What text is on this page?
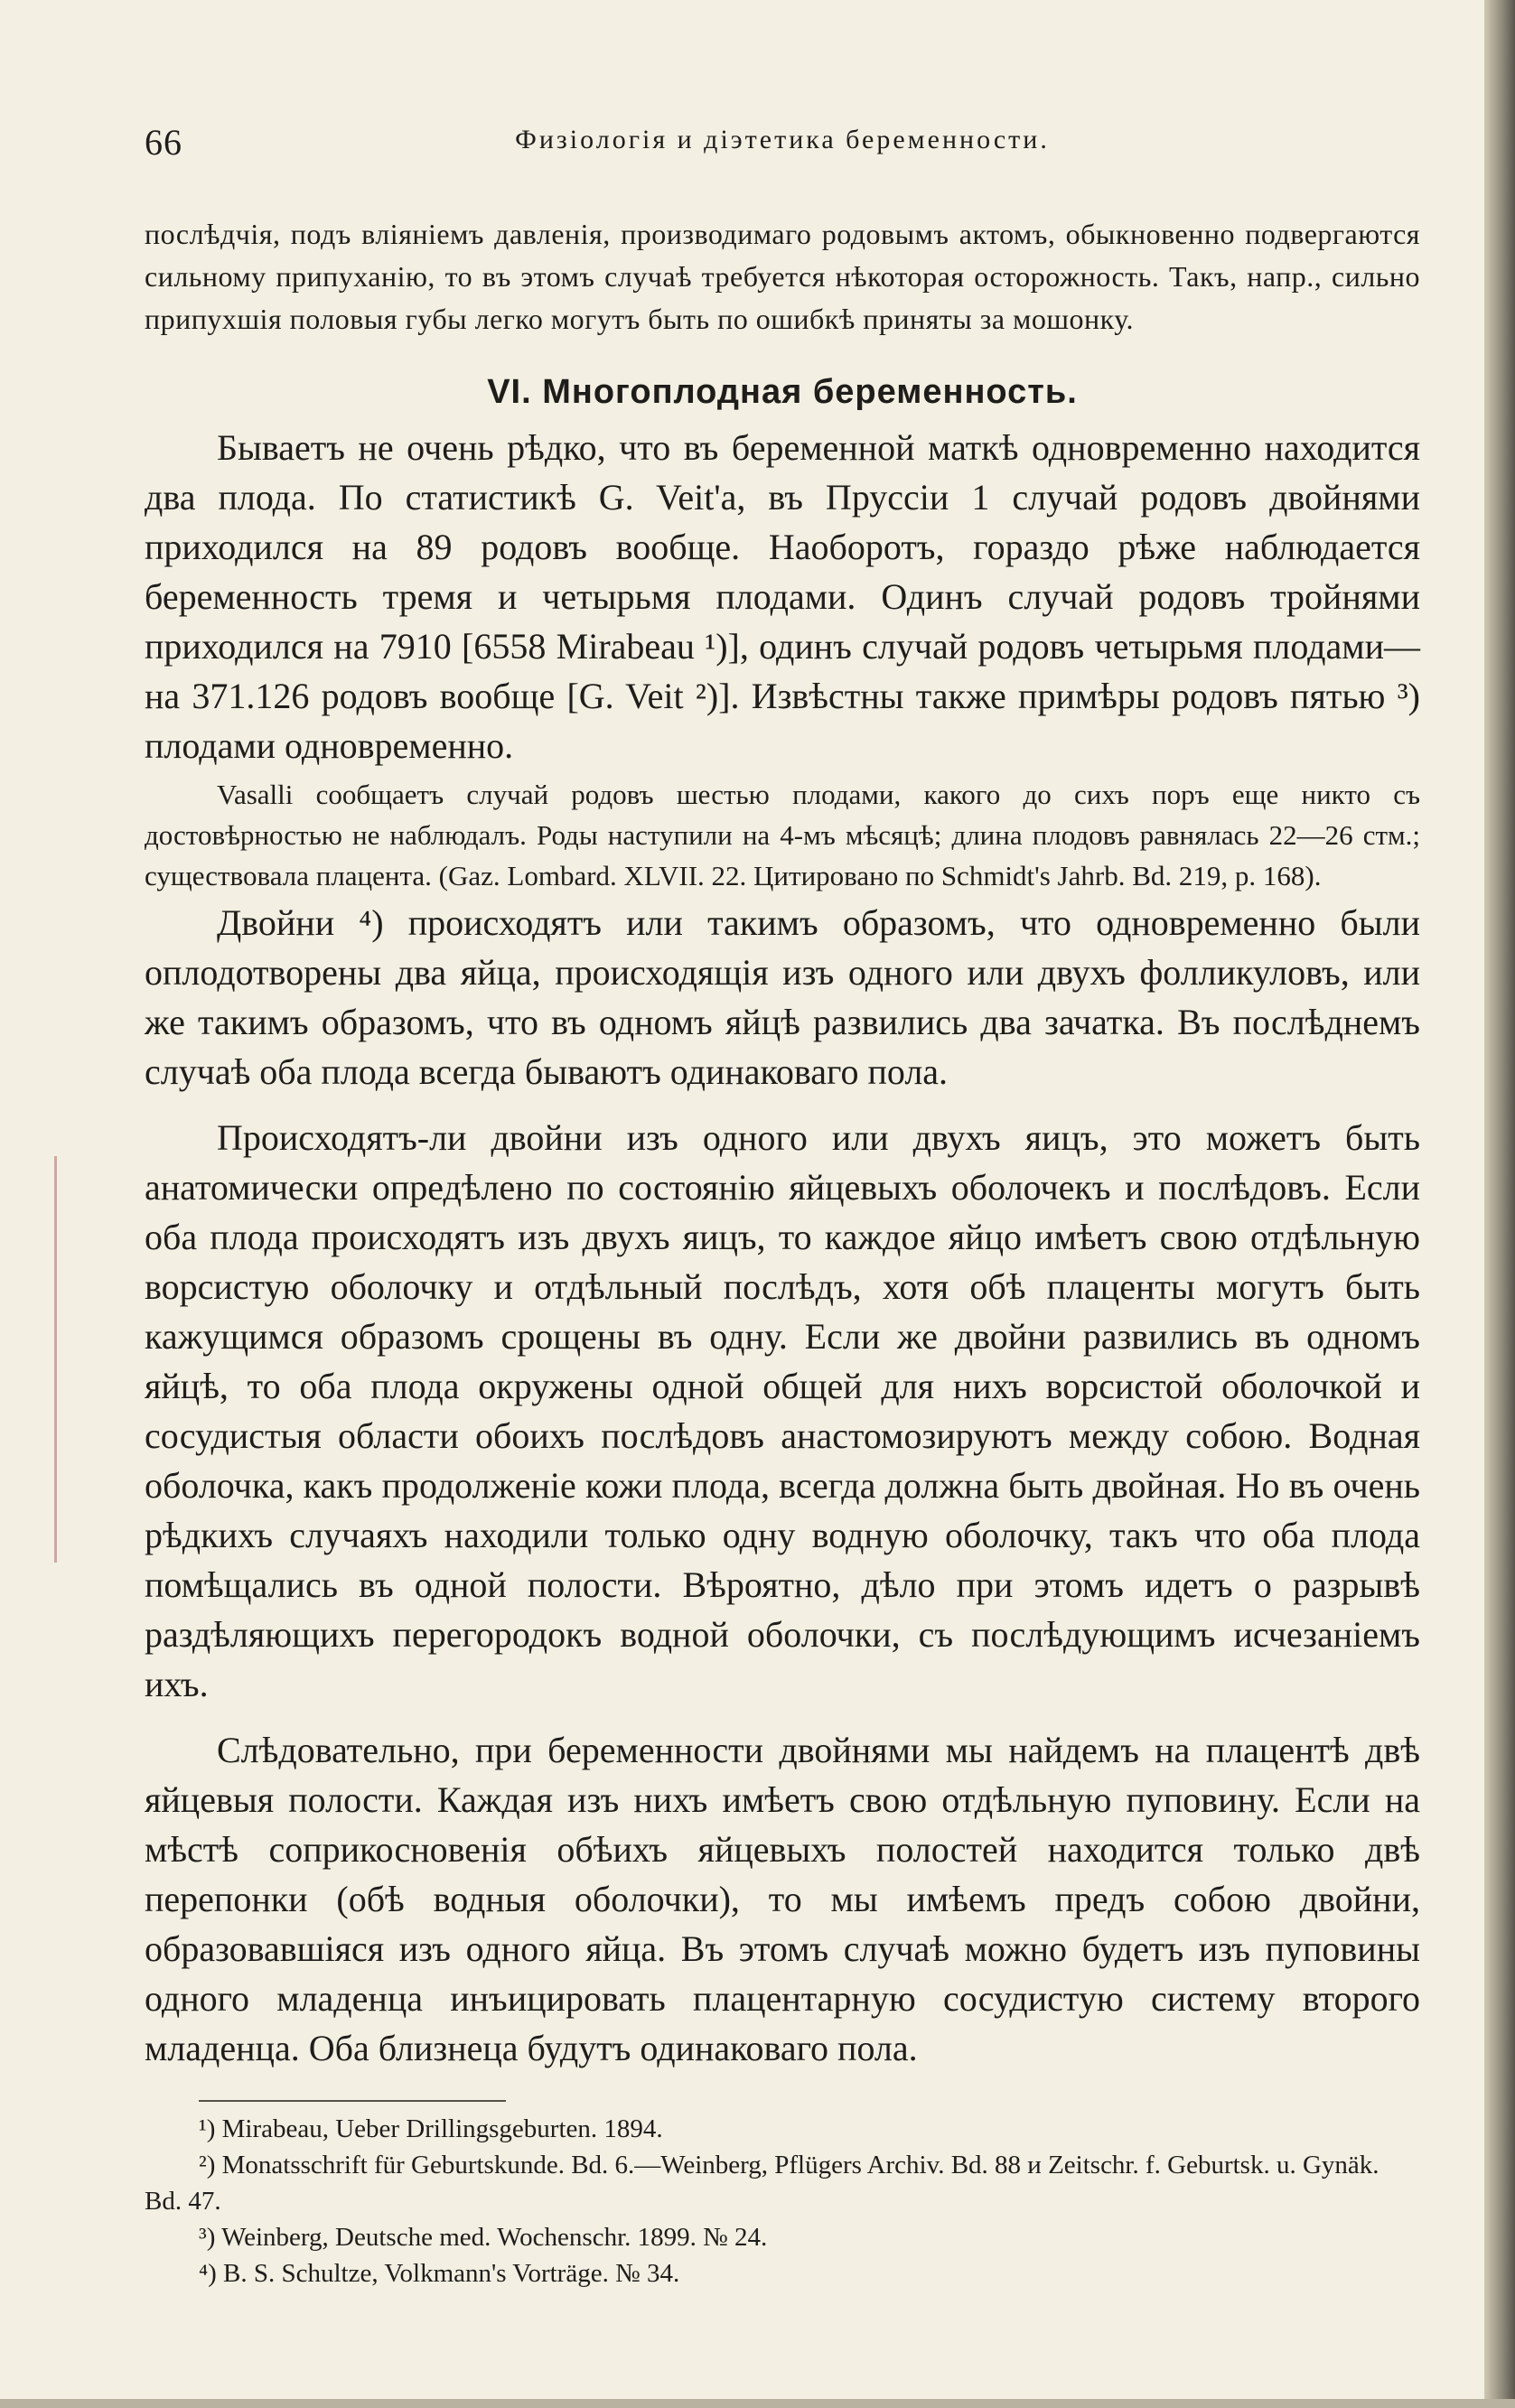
66	Физіологія и діэтетика беременности.

послѣдчія, подъ вліяніемъ давленія, производимаго родовымъ актомъ, обыкновенно подвергаются сильному припуханію, то въ этомъ случаѣ требуется нѣкоторая осторожность. Такъ, напр., сильно припухшія половыя губы легко могутъ быть по ошибкѣ приняты за мошонку.

VI. Многоплодная беременность.

Бываетъ не очень рѣдко, что въ беременной маткѣ одновременно находится два плода. По статистикѣ G. Veit'а, въ Пруссіи 1 случай родовъ двойнями приходился на 89 родовъ вообще. Наоборотъ, гораздо рѣже наблюдается беременность тремя и четырьмя плодами. Одинъ случай родовъ тройнями приходился на 7910 [6558 Mirabeau ¹)], одинъ случай родовъ четырьмя плодами—на 371.126 родовъ вообще [G. Veit ²)]. Извѣстны также примѣры родовъ пятью ³) плодами одновременно.

Vasalli сообщаетъ случай родовъ шестью плодами, какого до сихъ поръ еще никто съ достовѣрностью не наблюдалъ. Роды наступили на 4-мъ мѣсяцѣ; длина плодовъ равнялась 22—26 стм.; существовала плацента. (Gaz. Lombard. XLVII. 22. Цитировано по Schmidt's Jahrb. Bd. 219, p. 168).

Двойни ⁴) происходятъ или такимъ образомъ, что одновременно были оплодотворены два яйца, происходящія изъ одного или двухъ фолликуловъ, или же такимъ образомъ, что въ одномъ яйцѣ развились два зачатка. Въ послѣднемъ случаѣ оба плода всегда бываютъ одинаковаго пола.

Происходятъ-ли двойни изъ одного или двухъ яицъ, это можетъ быть анатомически опредѣлено по состоянію яйцевыхъ оболочекъ и послѣдовъ. Если оба плода происходятъ изъ двухъ яицъ, то каждое яйцо имѣетъ свою отдѣльную ворсистую оболочку и отдѣльный послѣдъ, хотя обѣ плаценты могутъ быть кажущимся образомъ срощены въ одну. Если же двойни развились въ одномъ яйцѣ, то оба плода окружены одной общей для нихъ ворсистой оболочкой и сосудистыя области обоихъ послѣдовъ анастомозируютъ между собою. Водная оболочка, какъ продолженіе кожи плода, всегда должна быть двойная. Но въ очень рѣдкихъ случаяхъ находили только одну водную оболочку, такъ что оба плода помѣщались въ одной полости. Вѣроятно, дѣло при этомъ идетъ о разрывѣ раздѣляющихъ перегородокъ водной оболочки, съ послѣдующимъ исчезаніемъ ихъ.

Слѣдовательно, при беременности двойнями мы найдемъ на плацентѣ двѣ яйцевыя полости. Каждая изъ нихъ имѣетъ свою отдѣльную пуповину. Если на мѣстѣ соприкосновенія обѣихъ яйцевыхъ полостей находится только двѣ перепонки (обѣ водныя оболочки), то мы имѣемъ предъ собою двойни, образовавшіяся изъ одного яйца. Въ этомъ случаѣ можно будетъ изъ пуповины одного младенца инъицировать плацентарную сосудистую систему второго младенца. Оба близнеца будутъ одинаковаго пола.

¹) Mirabeau, Ueber Drillingsgeburten. 1894.

²) Monatsschrift für Geburtskunde. Bd. 6.—Weinberg, Pflügers Archiv. Bd. 88 и Zeitschr. f. Geburtsk. u. Gynäk. Bd. 47.

³) Weinberg, Deutsche med. Wochenschr. 1899. № 24.

⁴) B. S. Schultze, Volkmann's Vorträge. № 34.
